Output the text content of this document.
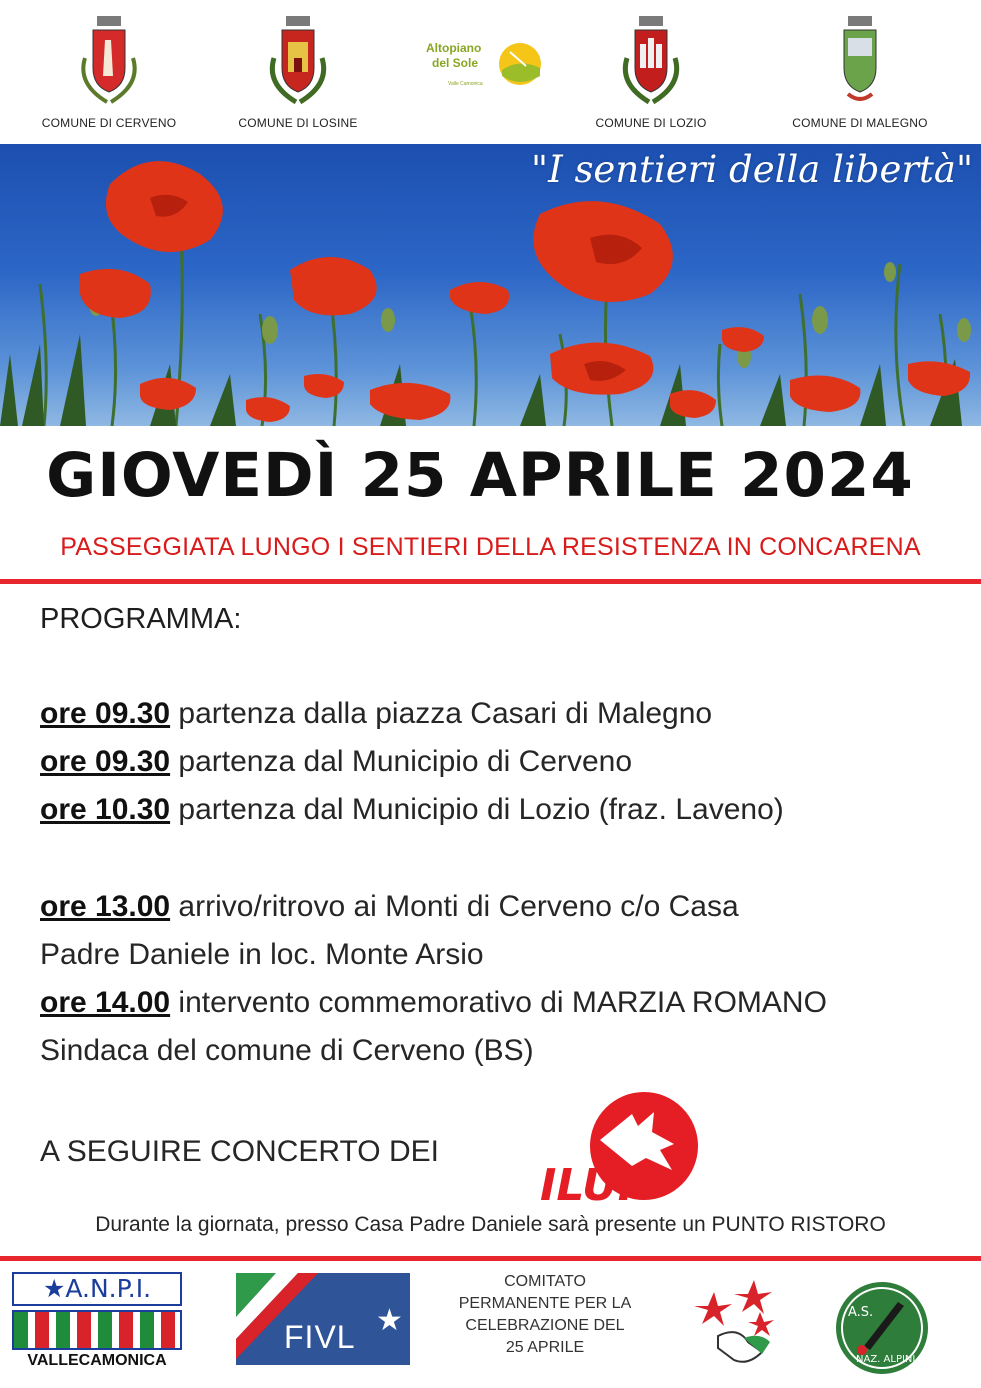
COMUNE DI CERVENO	COMUNE DI LOSINE
Altopiano
del Sole
Valle Camonica
COMUNE DI LOZIO	COMUNE DI MALEGNO
"I sentieri della libertà"
GIOVEDÌ 25 APRILE 2024
PASSEGGIATA LUNGO I SENTIERI DELLA RESISTENZA IN CONCARENA
PROGRAMMA:
ore 09.30 partenza dalla piazza Casari di Malegno
ore 09.30 partenza dal Municipio di Cerveno
ore 10.30 partenza dal Municipio di Lozio (fraz. Laveno)
ore 13.00 arrivo/ritrovo ai Monti di Cerveno c/o Casa
Padre Daniele in loc. Monte Arsio
ore 14.00 intervento commemorativo di MARZIA ROMANO
Sindaca del comune di Cerveno (BS)
A SEGUIRE CONCERTO DEI
ILUF
Durante la giornata, presso Casa Padre Daniele sarà presente un PUNTO RISTORO
★A.N.P.I.
VALLECAMONICA
FIVL ★
COMITATO
PERMANENTE PER LA
CELEBRAZIONE DEL
25 APRILE
A.S.
NAZ. ALPINI
